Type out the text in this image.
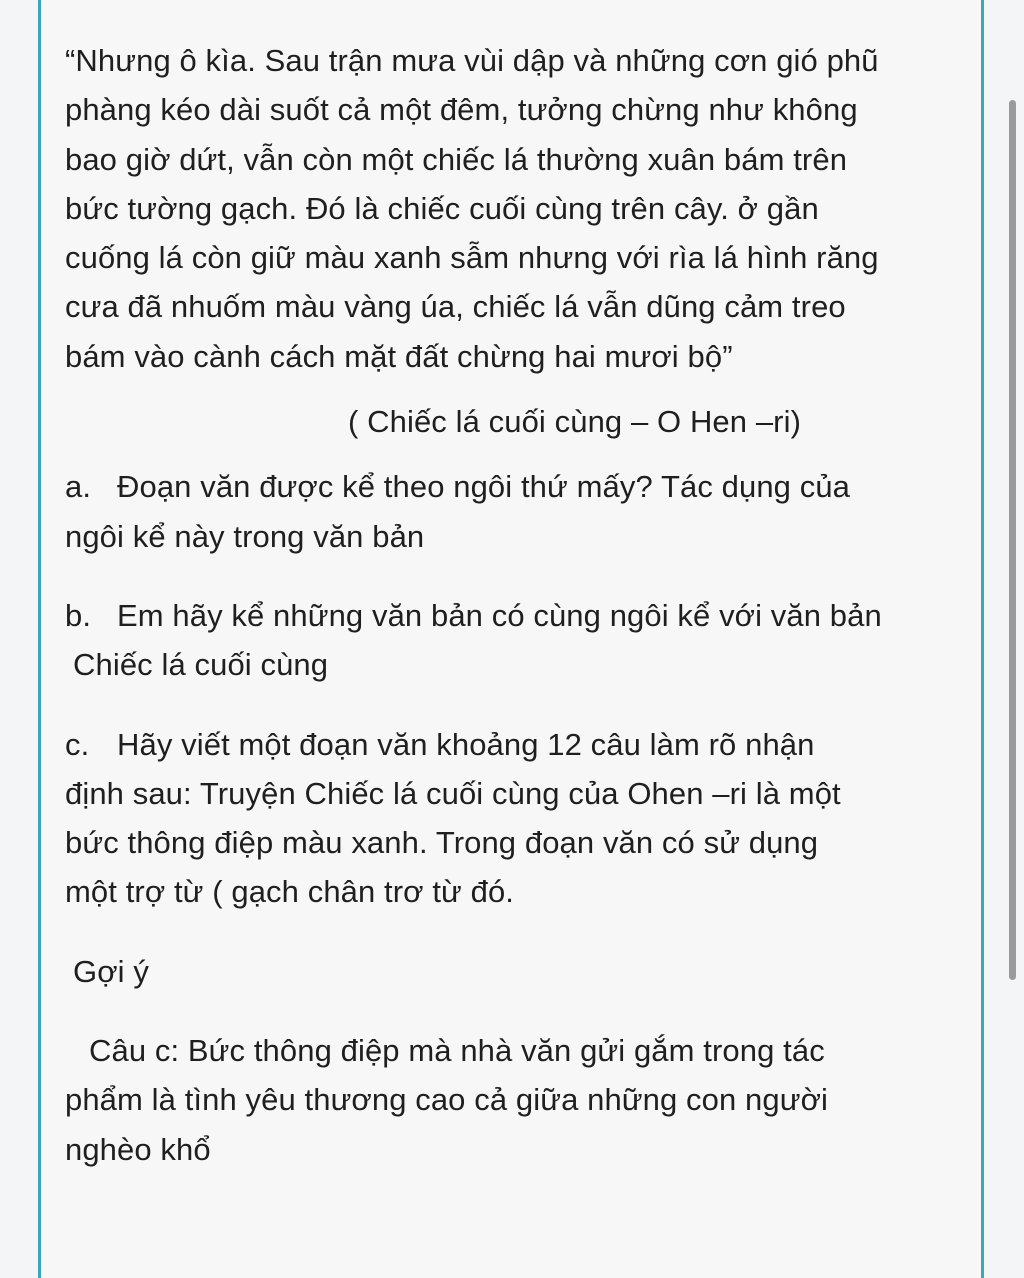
“Nhưng ô kìa. Sau trận mưa vùi dập và những cơn gió phũ
phàng kéo dài suốt cả một đêm, tưởng chừng như không
bao giờ dứt, vẫn còn một chiếc lá thường xuân bám trên
bức tường gạch. Đó là chiếc cuối cùng trên cây. ở gần
cuống lá còn giữ màu xanh sẫm nhưng với rìa lá hình răng
cưa đã nhuốm màu vàng úa, chiếc lá vẫn dũng cảm treo
bám vào cành cách mặt đất chừng hai mươi bộ”
( Chiếc lá cuối cùng – O Hen –ri)
a. Đoạn văn được kể theo ngôi thứ mấy? Tác dụng của
ngôi kể này trong văn bản
b. Em hãy kể những văn bản có cùng ngôi kể với văn bản
Chiếc lá cuối cùng
c. Hãy viết một đoạn văn khoảng 12 câu làm rõ nhận
định sau: Truyện Chiếc lá cuối cùng của Ohen –ri là một
bức thông điệp màu xanh. Trong đoạn văn có sử dụng
một trợ từ ( gạch chân trơ từ đó.
Gợi ý
Câu c: Bức thông điệp mà nhà văn gửi gắm trong tác
phẩm là tình yêu thương cao cả giữa những con người
nghèo khổ
